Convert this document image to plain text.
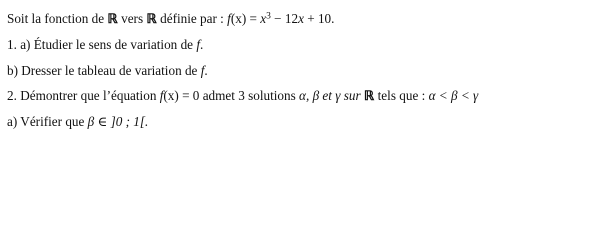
Soit la fonction de ℝ vers ℝ définie par : $f(x) = x^3 - 12x + 10$.
1. a) Étudier le sens de variation de f.
b) Dresser le tableau de variation de f.
2. Démontrer que l’équation f(x) = 0 admet 3 solutions α, β et γ sur ℝ tels que : α < β < γ
a) Vérifier que β ∈ ]0 ; 1[.
